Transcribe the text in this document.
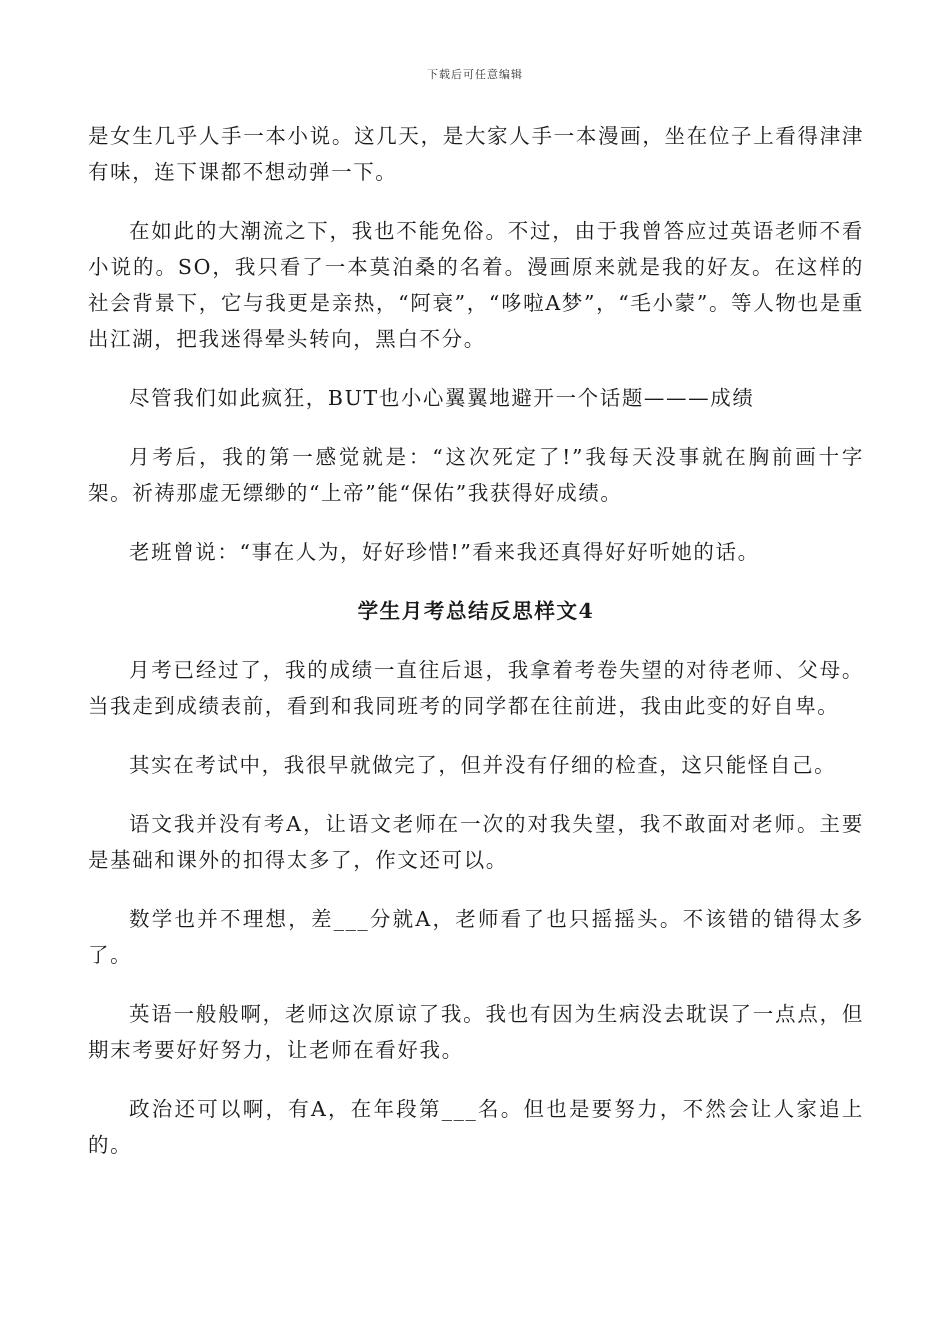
下载后可任意编辑

是女生几乎人手一本小说。这几天，是大家人手一本漫画，坐在位子上看得津津有味，连下课都不想动弹一下。

在如此的大潮流之下，我也不能免俗。不过，由于我曾答应过英语老师不看小说的。SO，我只看了一本莫泊桑的名着。漫画原来就是我的好友。在这样的社会背景下，它与我更是亲热，“阿衰”，“哆啦A梦”，“毛小蒙”。等人物也是重出江湖，把我迷得晕头转向，黑白不分。

尽管我们如此疯狂，BUT也小心翼翼地避开一个话题———成绩

月考后，我的第一感觉就是：“这次死定了!”我每天没事就在胸前画十字架。祈祷那虚无缥缈的“上帝”能“保佑”我获得好成绩。

老班曾说：“事在人为，好好珍惜!”看来我还真得好好听她的话。

学生月考总结反思样文4

月考已经过了，我的成绩一直往后退，我拿着考卷失望的对待老师、父母。当我走到成绩表前，看到和我同班考的同学都在往前进，我由此变的好自卑。

其实在考试中，我很早就做完了，但并没有仔细的检查，这只能怪自己。

语文我并没有考A，让语文老师在一次的对我失望，我不敢面对老师。主要是基础和课外的扣得太多了，作文还可以。

数学也并不理想，差___分就A，老师看了也只摇摇头。不该错的错得太多了。

英语一般般啊，老师这次原谅了我。我也有因为生病没去耽误了一点点，但期末考要好好努力，让老师在看好我。

政治还可以啊，有A，在年段第___名。但也是要努力，不然会让人家追上的。
